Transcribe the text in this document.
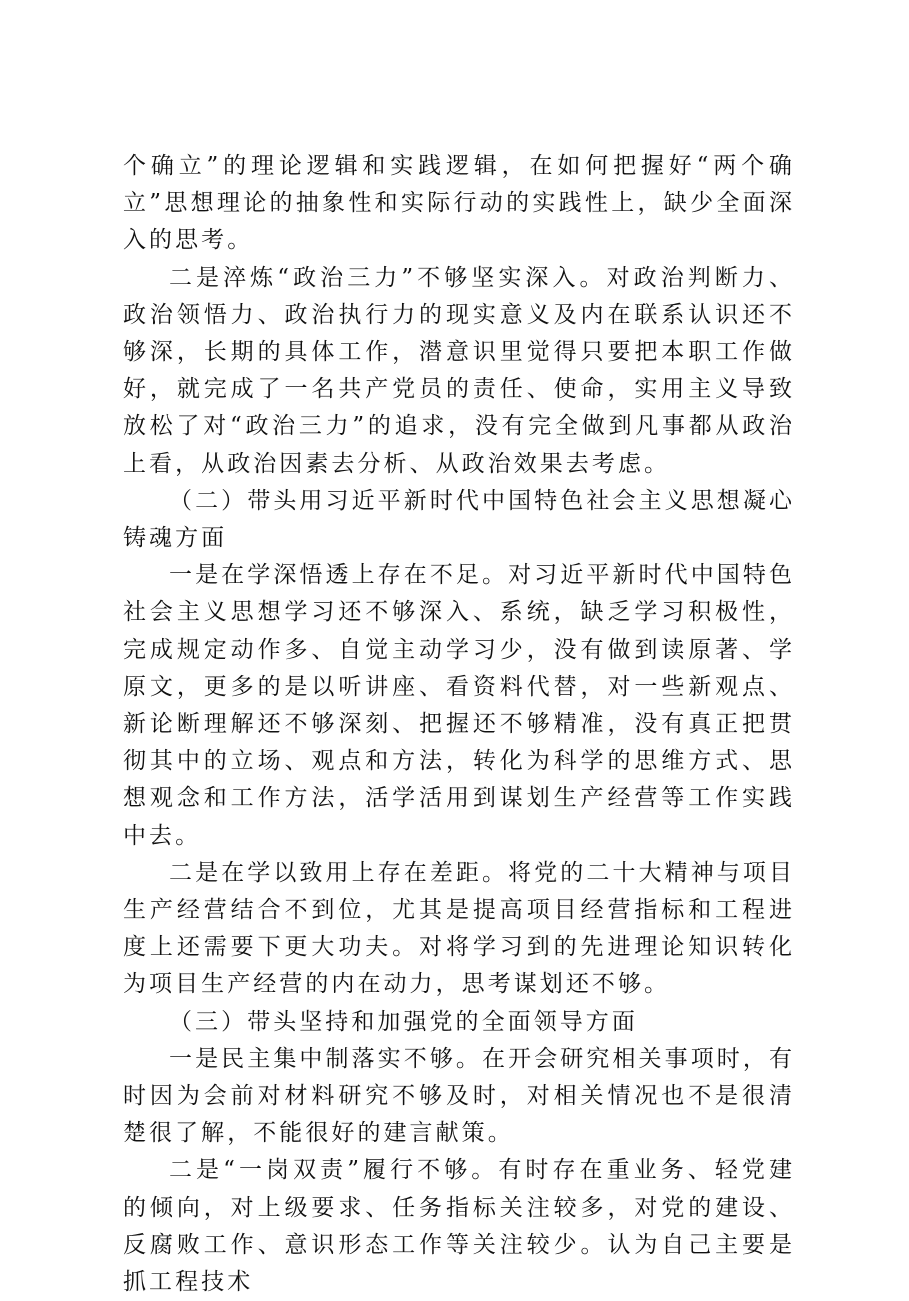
个确立”的理论逻辑和实践逻辑，在如何把握好“两个确立”思想理论的抽象性和实际行动的实践性上，缺少全面深入的思考。

二是淬炼“政治三力”不够坚实深入。对政治判断力、政治领悟力、政治执行力的现实意义及内在联系认识还不够深，长期的具体工作，潜意识里觉得只要把本职工作做好，就完成了一名共产党员的责任、使命，实用主义导致放松了对“政治三力”的追求，没有完全做到凡事都从政治上看，从政治因素去分析、从政治效果去考虑。

（二）带头用习近平新时代中国特色社会主义思想凝心铸魂方面

一是在学深悟透上存在不足。对习近平新时代中国特色社会主义思想学习还不够深入、系统，缺乏学习积极性，完成规定动作多、自觉主动学习少，没有做到读原著、学原文，更多的是以听讲座、看资料代替，对一些新观点、新论断理解还不够深刻、把握还不够精准，没有真正把贯彻其中的立场、观点和方法，转化为科学的思维方式、思想观念和工作方法，活学活用到谋划生产经营等工作实践中去。

二是在学以致用上存在差距。将党的二十大精神与项目生产经营结合不到位，尤其是提高项目经营指标和工程进度上还需要下更大功夫。对将学习到的先进理论知识转化为项目生产经营的内在动力，思考谋划还不够。

（三）带头坚持和加强党的全面领导方面

一是民主集中制落实不够。在开会研究相关事项时，有时因为会前对材料研究不够及时，对相关情况也不是很清楚很了解，不能很好的建言献策。

二是“一岗双责”履行不够。有时存在重业务、轻党建的倾向，对上级要求、任务指标关注较多，对党的建设、反腐败工作、意识形态工作等关注较少。认为自己主要是抓工程技术
